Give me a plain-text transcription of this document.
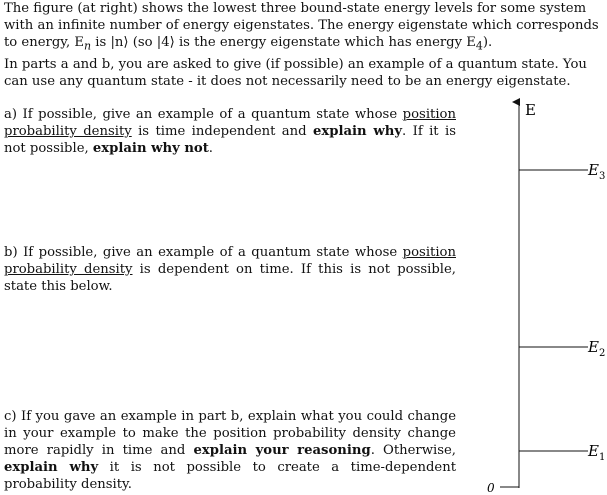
The figure (at right) shows the lowest three bound-state energy levels for some system with an infinite number of energy eigenstates. The energy eigenstate which corresponds to energy, $E_n$ is |n⟩ (so |4⟩ is the energy eigenstate which has energy $E_4$).
In parts a and b, you are asked to give (if possible) an example of a quantum state. You can use any quantum state - it does not necessarily need to be an energy eigenstate.
a) If possible, give an example of a quantum state whose position probability density is time independent and explain why. If it is not possible, explain why not.
b) If possible, give an example of a quantum state whose position probability density is dependent on time. If this is not possible, state this below.
c) If you gave an example in part b, explain what you could change in your example to make the position probability density change more rapidly in time and explain your reasoning. Otherwise, explain why it is not possible to create a time-dependent probability density.
E
0
$E_3$
$E_2$
$E_1$
